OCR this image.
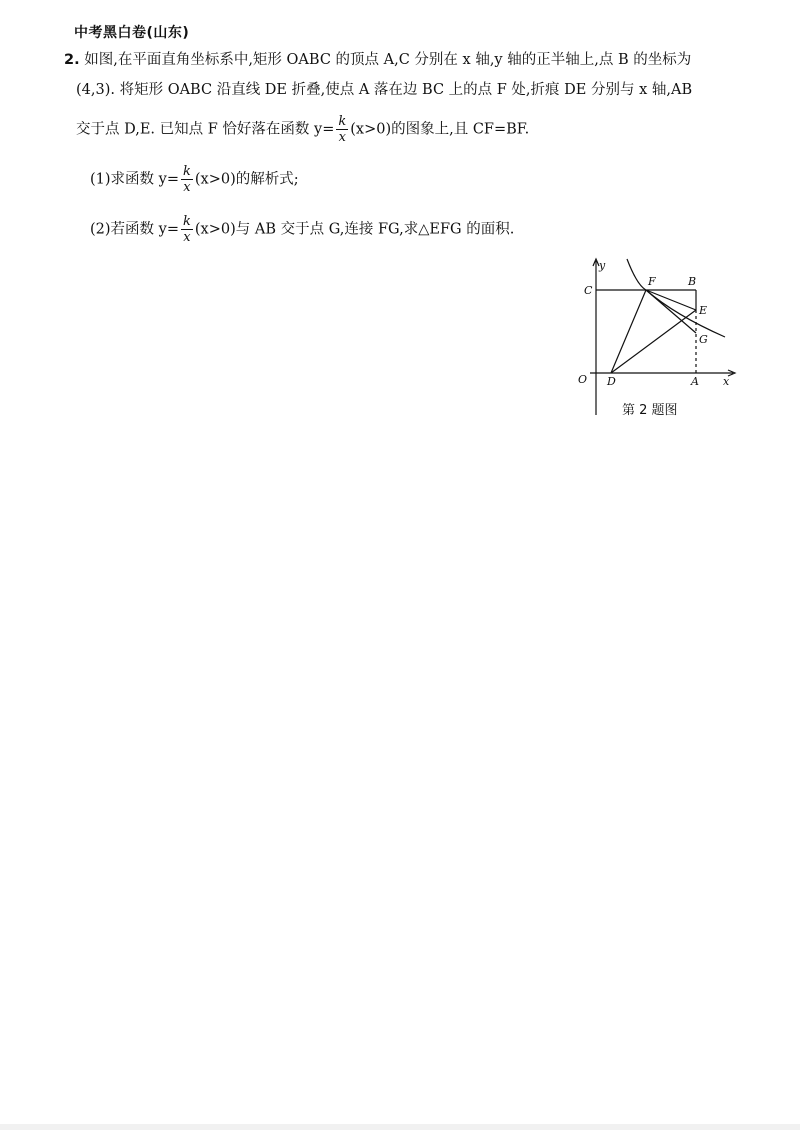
中考黑白卷(山东)
2. 如图,在平面直角坐标系中,矩形 OABC 的顶点 A,C 分别在 x 轴,y 轴的正半轴上,点 B 的坐标为
(4,3). 将矩形 OABC 沿直线 DE 折叠,使点 A 落在边 BC 上的点 F 处,折痕 DE 分别与 x 轴,AB
交于点 D,E. 已知点 F 恰好落在函数 $y= \frac{k}{x} (x>0)$的图象上,且 CF=BF.
(1)求函数 $y= \frac{k}{x} (x>0)$的解析式;
(2)若函数 $y= \frac{k}{x} (x>0)$与 AB 交于点 G,连接 FG,求△EFG 的面积.
y
x
O
C
F	B
E
G
D	A
第 2 题图
